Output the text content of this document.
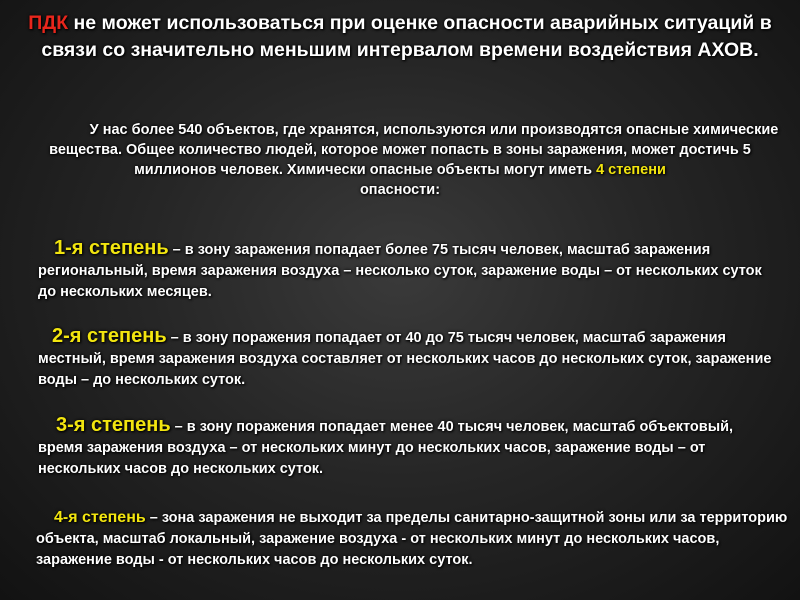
ПДК не может использоваться при оценке опасности аварийных ситуаций в связи со значительно меньшим интервалом времени воздействия АХОВ.

У нас более 540 объектов, где хранятся, используются или производятся опасные химические вещества. Общее количество людей, которое может попасть в зоны заражения, может достичь 5 миллионов человек. Химически опасные объекты могут иметь 4 степени
опасности:

1-я степень – в зону заражения попадает более 75 тысяч человек, масштаб заражения региональный, время заражения воздуха – несколько суток, заражение воды – от нескольких суток до нескольких месяцев.

2-я степень – в зону поражения попадает от 40 до 75 тысяч человек, масштаб заражения местный, время заражения воздуха составляет от нескольких часов до нескольких суток, заражение воды – до нескольких суток.

3-я степень – в зону поражения попадает менее 40 тысяч человек, масштаб объектовый, время заражения воздуха – от нескольких минут до нескольких часов, заражение воды – от нескольких часов до нескольких суток.

4-я степень – зона заражения не выходит за пределы санитарно-защитной зоны или за территорию объекта, масштаб локальный, заражение воздуха - от нескольких минут до нескольких часов, заражение воды - от нескольких часов до нескольких суток.
